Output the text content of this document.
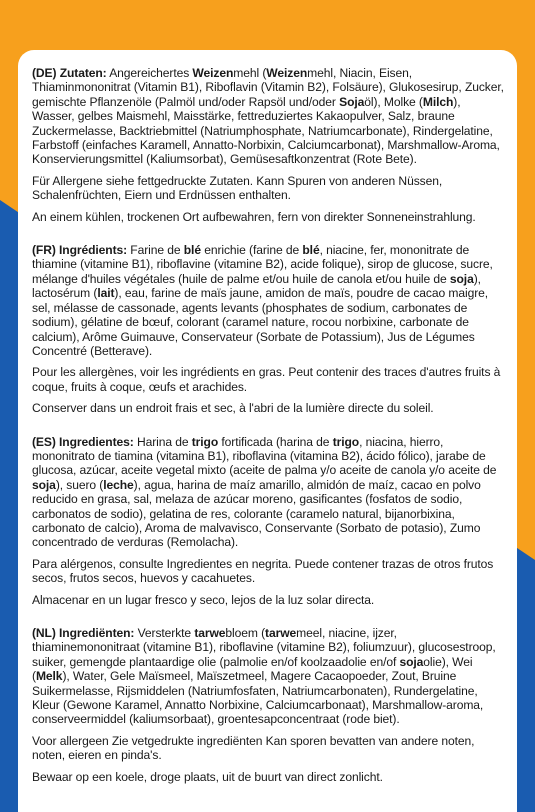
(DE) Zutaten: Angereichertes Weizenmehl (Weizenmehl, Niacin, Eisen, Thiaminmononitrat (Vitamin B1), Riboflavin (Vitamin B2), Folsäure), Glukosesirup, Zucker, gemischte Pflanzenöle (Palmöl und/oder Rapsöl und/oder Sojaöl), Molke (Milch), Wasser, gelbes Maismehl, Maisstärke, fettreduziertes Kakaopulver, Salz, braune Zuckermelasse, Backtriebmittel (Natriumphosphate, Natriumcarbonate), Rindergelatine, Farbstoff (einfaches Karamell, Annatto-Norbixin, Calciumcarbonat), Marshmallow-Aroma, Konservierungsmittel (Kaliumsorbat), Gemüsesaftkonzentrat (Rote Bete).

Für Allergene siehe fettgedruckte Zutaten. Kann Spuren von anderen Nüssen, Schalenfrüchten, Eiern und Erdnüssen enthalten.

An einem kühlen, trockenen Ort aufbewahren, fern von direkter Sonneneinstrahlung.

(FR) Ingrédients: Farine de blé enrichie (farine de blé, niacine, fer, mononitrate de thiamine (vitamine B1), riboflavine (vitamine B2), acide folique), sirop de glucose, sucre, mélange d'huiles végétales (huile de palme et/ou huile de canola et/ou huile de soja), lactosérum (lait), eau, farine de maïs jaune, amidon de maïs, poudre de cacao maigre, sel, mélasse de cassonade, agents levants (phosphates de sodium, carbonates de sodium), gélatine de bœuf, colorant (caramel nature, rocou norbixine, carbonate de calcium), Arôme Guimauve, Conservateur (Sorbate de Potassium), Jus de Légumes Concentré (Betterave).

Pour les allergènes, voir les ingrédients en gras. Peut contenir des traces d'autres fruits à coque, fruits à coque, œufs et arachides.

Conserver dans un endroit frais et sec, à l'abri de la lumière directe du soleil.

(ES) Ingredientes: Harina de trigo fortificada (harina de trigo, niacina, hierro, mononitrato de tiamina (vitamina B1), riboflavina (vitamina B2), ácido fólico), jarabe de glucosa, azúcar, aceite vegetal mixto (aceite de palma y/o aceite de canola y/o aceite de soja), suero (leche), agua, harina de maíz amarillo, almidón de maíz, cacao en polvo reducido en grasa, sal, melaza de azúcar moreno, gasificantes (fosfatos de sodio, carbonatos de sodio), gelatina de res, colorante (caramelo natural, bijanorbixina, carbonato de calcio), Aroma de malvavisco, Conservante (Sorbato de potasio), Zumo concentrado de verduras (Remolacha).

Para alérgenos, consulte Ingredientes en negrita. Puede contener trazas de otros frutos secos, frutos secos, huevos y cacahuetes.

Almacenar en un lugar fresco y seco, lejos de la luz solar directa.

(NL) Ingrediënten: Versterkte tarwebloem (tarwemeel, niacine, ijzer, thiaminemononitraat (vitamine B1), riboflavine (vitamine B2), foliumzuur), glucosestroop, suiker, gemengde plantaardige olie (palmolie en/of koolzaadolie en/of sojaolie), Wei (Melk), Water, Gele Maïsmeel, Maïszetmeel, Magere Cacaopoeder, Zout, Bruine Suikermelasse, Rijsmiddelen (Natriumfosfaten, Natriumcarbonaten), Rundergelatine, Kleur (Gewone Karamel, Annatto Norbixine, Calciumcarbonaat), Marshmallow-aroma, conserveermiddel (kaliumsorbaat), groentesapconcentraat (rode biet).

Voor allergeen Zie vetgedrukte ingrediënten Kan sporen bevatten van andere noten, noten, eieren en pinda's.

Bewaar op een koele, droge plaats, uit de buurt van direct zonlicht.
